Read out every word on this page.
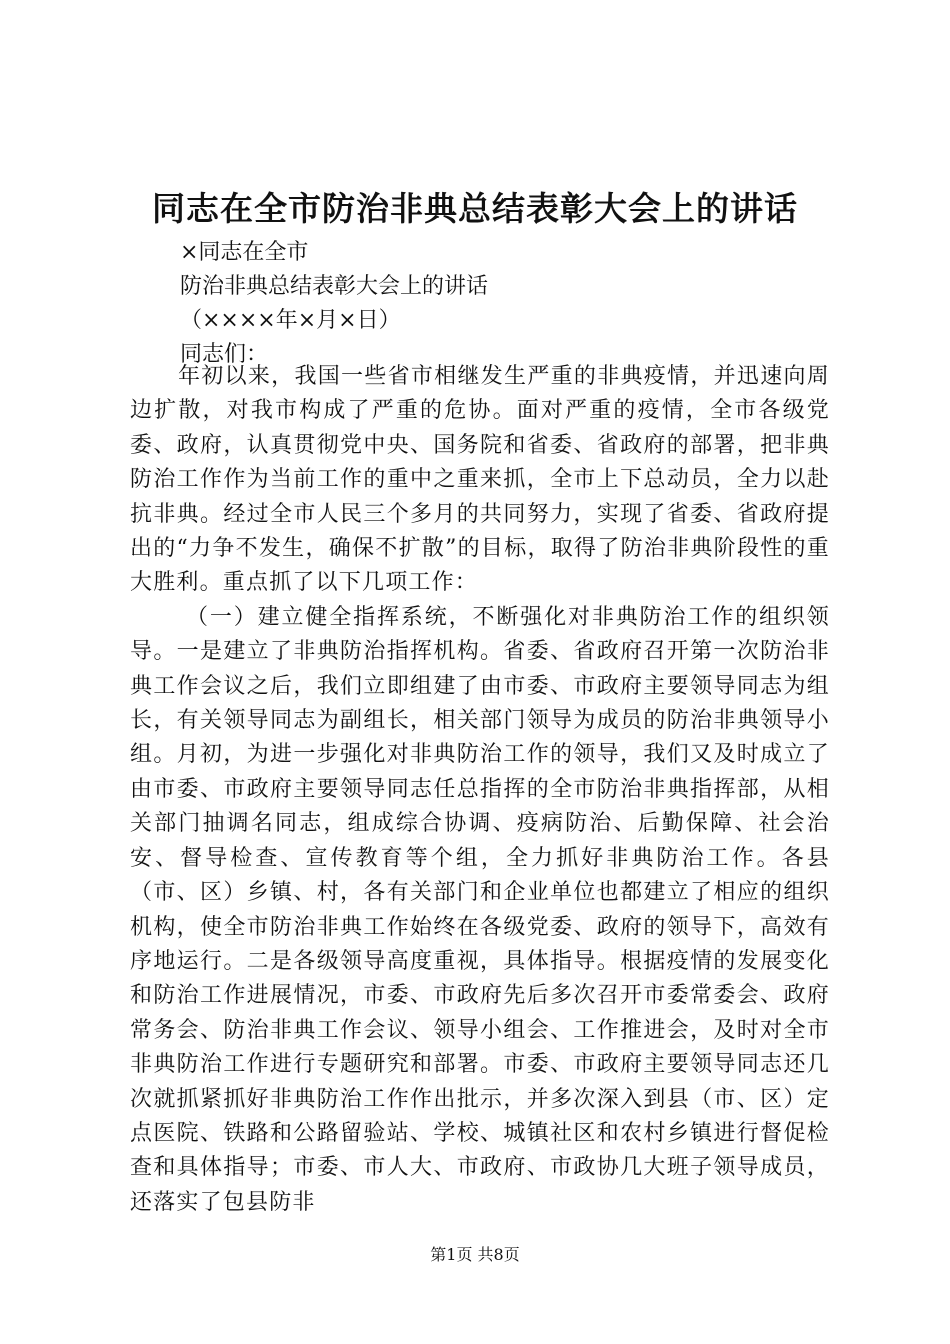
同志在全市防治非典总结表彰大会上的讲话
×同志在全市
防治非典总结表彰大会上的讲话
（××××年×月×日）
同志们：

年初以来，我国一些省市相继发生严重的非典疫情，并迅速向周边扩散，对我市构成了严重的危协。面对严重的疫情，全市各级党委、政府，认真贯彻党中央、国务院和省委、省政府的部署，把非典防治工作作为当前工作的重中之重来抓，全市上下总动员，全力以赴抗非典。经过全市人民三个多月的共同努力，实现了省委、省政府提出的“力争不发生，确保不扩散”的目标，取得了防治非典阶段性的重大胜利。重点抓了以下几项工作：

（一）建立健全指挥系统，不断强化对非典防治工作的组织领导。一是建立了非典防治指挥机构。省委、省政府召开第一次防治非典工作会议之后，我们立即组建了由市委、市政府主要领导同志为组长，有关领导同志为副组长，相关部门领导为成员的防治非典领导小组。月初，为进一步强化对非典防治工作的领导，我们又及时成立了由市委、市政府主要领导同志任总指挥的全市防治非典指挥部，从相关部门抽调名同志，组成综合协调、疫病防治、后勤保障、社会治安、督导检查、宣传教育等个组，全力抓好非典防治工作。各县（市、区）乡镇、村，各有关部门和企业单位也都建立了相应的组织机构，使全市防治非典工作始终在各级党委、政府的领导下，高效有序地运行。二是各级领导高度重视，具体指导。根据疫情的发展变化和防治工作进展情况，市委、市政府先后多次召开市委常委会、政府常务会、防治非典工作会议、领导小组会、工作推进会，及时对全市非典防治工作进行专题研究和部署。市委、市政府主要领导同志还几次就抓紧抓好非典防治工作作出批示，并多次深入到县（市、区）定点医院、铁路和公路留验站、学校、城镇社区和农村乡镇进行督促检查和具体指导；市委、市人大、市政府、市政协几大班子领导成员，还落实了包县防非

第1页 共8页
